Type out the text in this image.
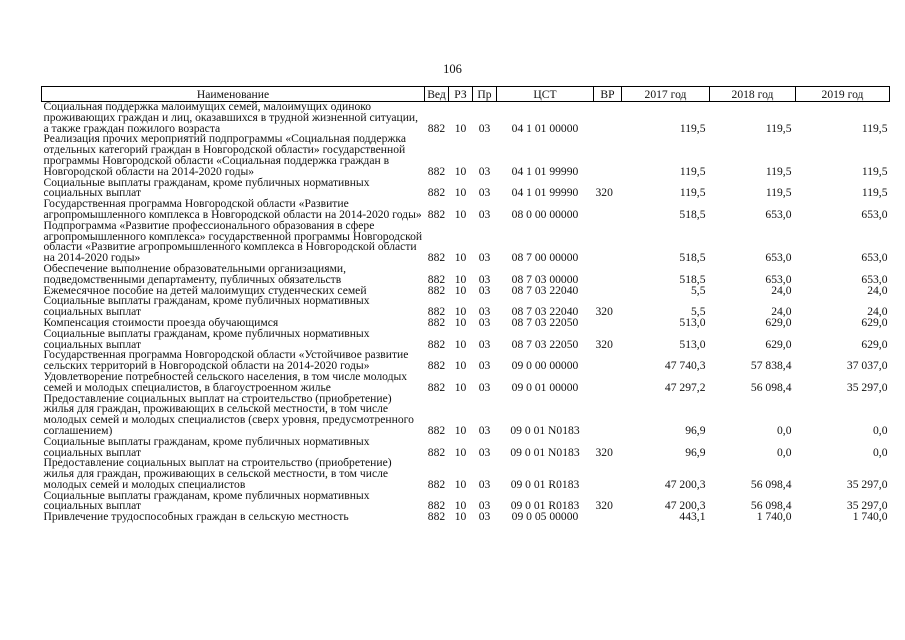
106
Наименование	Вед	РЗ	Пр	ЦСТ	ВР	2017 год	2018 год	2019 год
Социальная поддержка малоимущих семей, малоимущих одиноко проживающих граждан и лиц, оказавшихся в трудной жизненной ситуации, а также граждан пожилого возраста	882	10	03	04 1 01 00000		119,5	119,5	119,5
Реализация прочих мероприятий подпрограммы «Социальная поддержка отдельных категорий граждан в Новгородской области» государственной программы Новгородской области «Социальная поддержка граждан в Новгородской области на 2014-2020 годы»	882	10	03	04 1 01 99990		119,5	119,5	119,5
Социальные выплаты гражданам, кроме публичных нормативных социальных выплат	882	10	03	04 1 01 99990	320	119,5	119,5	119,5
Государственная программа Новгородской области «Развитие агропромышленного комплекса в Новгородской области на 2014-2020 годы»	882	10	03	08 0 00 00000		518,5	653,0	653,0
Подпрограмма «Развитие профессионального образования в сфере агропромышленного комплекса» государственной программы Новгородской области «Развитие агропромышленного комплекса в Новгородской области на 2014-2020 годы»	882	10	03	08 7 00 00000		518,5	653,0	653,0
Обеспечение выполнение образовательными организациями, подведомственными департаменту, публичных обязательств	882	10	03	08 7 03 00000		518,5	653,0	653,0
Ежемесячное пособие на детей малоимущих студенческих семей	882	10	03	08 7 03 22040		5,5	24,0	24,0
Социальные выплаты гражданам, кроме публичных нормативных социальных выплат	882	10	03	08 7 03 22040	320	5,5	24,0	24,0
Компенсация стоимости проезда обучающимся	882	10	03	08 7 03 22050		513,0	629,0	629,0
Социальные выплаты гражданам, кроме публичных нормативных социальных выплат	882	10	03	08 7 03 22050	320	513,0	629,0	629,0
Государственная программа Новгородской области «Устойчивое развитие сельских территорий в Новгородской области на 2014-2020 годы»	882	10	03	09 0 00 00000		47 740,3	57 838,4	37 037,0
Удовлетворение потребностей сельского населения, в том числе молодых семей и молодых специалистов, в благоустроенном жилье	882	10	03	09 0 01 00000		47 297,2	56 098,4	35 297,0
Предоставление социальных выплат на строительство (приобретение) жилья для граждан, проживающих в сельской местности, в том числе молодых семей и молодых специалистов (сверх уровня, предусмотренного соглашением)	882	10	03	09 0 01 N0183		96,9	0,0	0,0
Социальные выплаты гражданам, кроме публичных нормативных социальных выплат	882	10	03	09 0 01 N0183	320	96,9	0,0	0,0
Предоставление социальных выплат на строительство (приобретение) жилья для граждан, проживающих в сельской местности, в том числе молодых семей и молодых специалистов	882	10	03	09 0 01 R0183		47 200,3	56 098,4	35 297,0
Социальные выплаты гражданам, кроме публичных нормативных социальных выплат	882	10	03	09 0 01 R0183	320	47 200,3	56 098,4	35 297,0
Привлечение трудоспособных граждан в сельскую местность	882	10	03	09 0 05 00000		443,1	1 740,0	1 740,0
